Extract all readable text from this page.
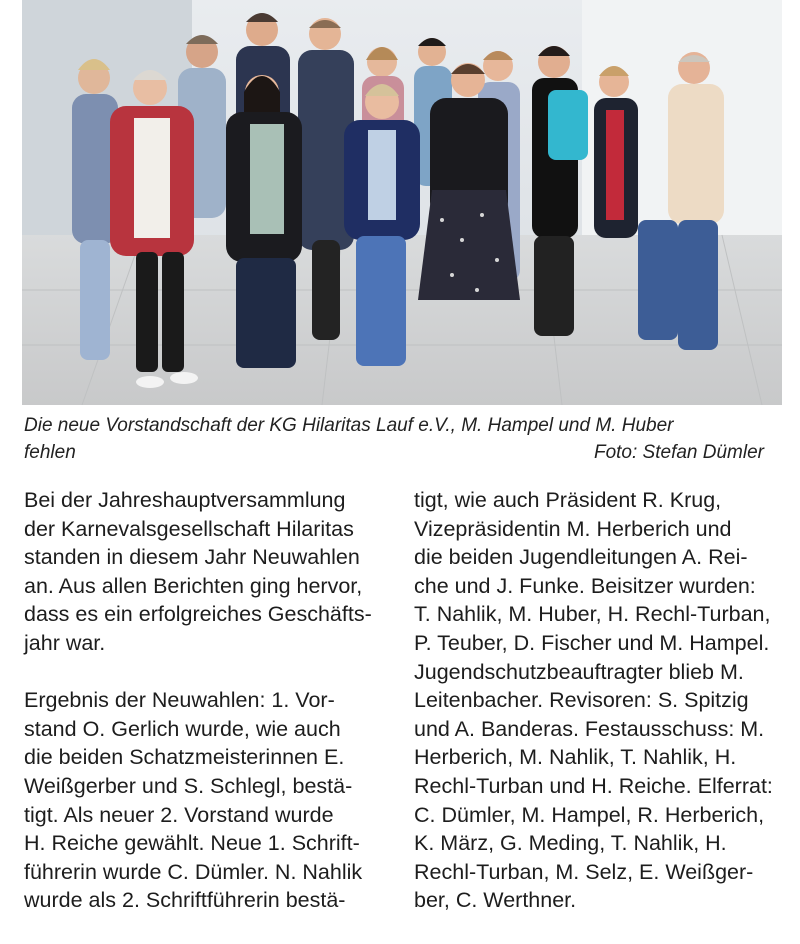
Die neue Vorstandschaft der KG Hilaritas Lauf e.V., M. Hampel und M. Huber
fehlen	Foto: Stefan Dümler
Bei der Jahreshauptversammlung
der Karnevalsgesellschaft Hilaritas
standen in diesem Jahr Neuwahlen
an. Aus allen Berichten ging hervor,
dass es ein erfolgreiches Geschäfts-
jahr war.
Ergebnis der Neuwahlen: 1. Vor-
stand O. Gerlich wurde, wie auch
die beiden Schatzmeisterinnen E.
Weißgerber und S. Schlegl, bestä-
tigt. Als neuer 2. Vorstand wurde
H. Reiche gewählt. Neue 1. Schrift-
führerin wurde C. Dümler. N. Nahlik
wurde als 2. Schriftführerin bestä-
tigt, wie auch Präsident R. Krug,
Vizepräsidentin M. Herberich und
die beiden Jugendleitungen A. Rei-
che und J. Funke. Beisitzer wurden:
T. Nahlik, M. Huber, H. Rechl-Turban,
P. Teuber, D. Fischer und M. Hampel.
Jugendschutzbeauftragter blieb M.
Leitenbacher. Revisoren: S. Spitzig
und A. Banderas. Festausschuss: M.
Herberich, M. Nahlik, T. Nahlik, H.
Rechl-Turban und H. Reiche. Elferrat:
C. Dümler, M. Hampel, R. Herberich,
K. März, G. Meding, T. Nahlik, H.
Rechl-Turban, M. Selz, E. Weißger-
ber, C. Werthner.
